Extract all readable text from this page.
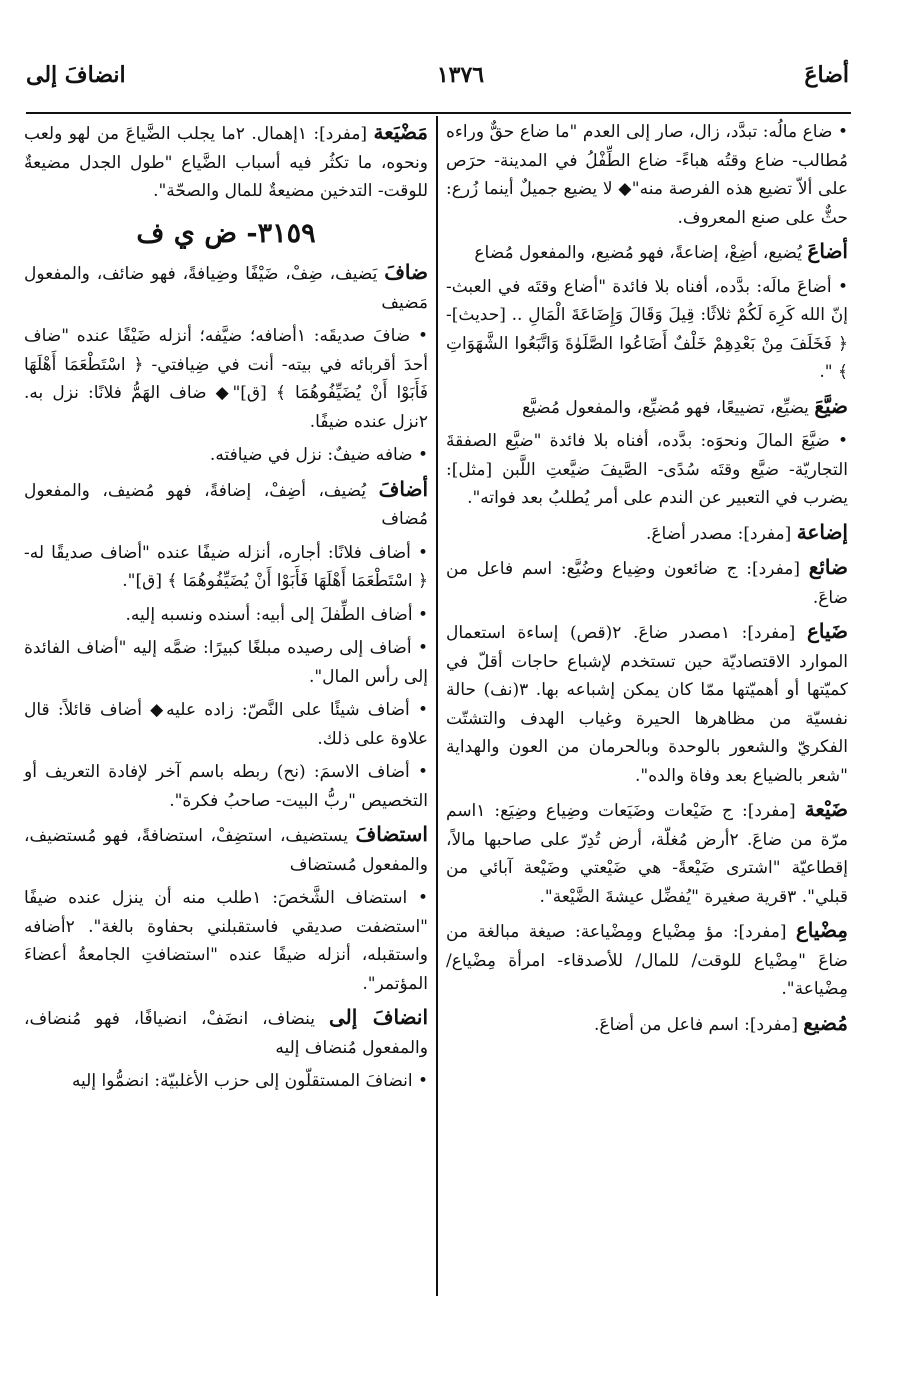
أضاعَ
١٣٧٦
انضافَ إلى
• ضاع مالُه: تبدَّد، زال، صار إلى العدم "ما ضاع حقٌّ وراءه مُطالب- ضاع وقتُه هباءً- ضاع الطِّفْلُ في المدينة- حرَص على ألاّ تضيع هذه الفرصة منه"◆ لا يضيع جميلٌ أينما زُرع: حثٌّ على صنع المعروف.
أضاعَ يُضيع، أضِعْ، إضاعةً، فهو مُضيع، والمفعول مُضاع
• أضاعَ مالَه: بدَّده، أفناه بلا فائدة "أضاع وقتَه في العبث- إنّ الله كَرِهَ لَكُمْ ثلاثًا: قِيلَ وَقَالَ وَإِضَاعَةَ الْمَالِ .. [حديث]- ﴿ فَخَلَفَ مِنْ بَعْدِهِمْ خَلْفٌ أَضَاعُوا الصَّلَوٰةَ وَاتَّبَعُوا الشَّهَوَاتِ ﴾ ".
ضيَّعَ يضيِّع، تضييعًا، فهو مُضيِّع، والمفعول مُضيَّع
• ضيَّعَ المالَ ونحوَه: بدَّده، أفناه بلا فائدة "ضيَّع الصفقةَ التجاريّة- ضيَّع وقتَه سُدًى- الصَّيفَ ضيَّعتِ اللَّبن [مثل]: يضرب في التعبير عن الندم على أمر يُطلبُ بعد فواته".
إضاعة [مفرد]: مصدر أضاعَ.
ضائع [مفرد]: ج ضائعون وضِياع وضُيَّع: اسم فاعل من ضاعَ.
ضَياع [مفرد]: ١مصدر ضاعَ. ٢(قص) إساءة استعمال الموارد الاقتصاديّة حين تستخدم لإشباع حاجات أقلّ في كميّتها أو أهميّتها ممّا كان يمكن إشباعه بها. ٣(نف) حالة نفسيّة من مظاهرها الحيرة وغياب الهدف والتشتّت الفكريّ والشعور بالوحدة وبالحرمان من العون والهداية "شعر بالضياع بعد وفاة والده".
ضَيْعة [مفرد]: ج ضَيْعات وضَيَعات وضِياع وضِيَع: ١اسم مرّة من ضاعَ. ٢أرض مُغلّة، أرض تُدِرّ على صاحبها مالاً، إقطاعيّة "اشترى ضَيْعةً- هي ضَيْعتي وضَيْعة آبائي من قبلي". ٣قرية صغيرة "يُفضِّل عيشةَ الضَّيْعة".
مِضْياع [مفرد]: مؤ مِضْياع ومِضْياعة: صيغة مبالغة من ضاعَ "مِضْياع للوقت/ للمال/ للأصدقاء- امرأة مِضْياع/ مِضْياعة".
مُضيع [مفرد]: اسم فاعل من أضاعَ.
مَضْيَعة [مفرد]: ١إهمال. ٢ما يجلب الضَّياعَ من لهو ولعب ونحوه، ما تكثُر فيه أسباب الضَّياع "طول الجدل مضيعةٌ للوقت- التدخين مضيعةٌ للمال والصحّة".
٣١٥٩- ض ي ف
ضافَ يَضيف، ضِفْ، ضَيْفًا وضِيافةً، فهو ضائف، والمفعول مَضيف
• ضافَ صديقَه: ١أضافه؛ ضيَّفه؛ أنزله ضَيْفًا عنده "ضاف أحدَ أقربائه في بيته- أنت في ضِيافتي- ﴿ اسْتَطْعَمَا أَهْلَهَا فَأَبَوْا أَنْ يُضَيِّفُوهُمَا ﴾ [ق]"◆ ضاف الهَمُّ فلانًا: نزل به. ٢نزل عنده ضيفًا.
• ضافه ضيفٌ: نزل في ضيافته.
أضافَ يُضيف، أضِفْ، إضافةً، فهو مُضيف، والمفعول مُضاف
• أضاف فلانًا: أجاره، أنزله ضيفًا عنده "أضاف صديقًا له- ﴿ اسْتَطْعَمَا أَهْلَهَا فَأَبَوْا أَنْ يُضَيِّفُوهُمَا ﴾ [ق]".
• أضاف الطِّفلَ إلى أبيه: أسنده ونسبه إليه.
• أضاف إلى رصيده مبلغًا كبيرًا: ضمَّه إليه "أضاف الفائدة إلى رأس المال".
• أضاف شيئًا على النَّصّ: زاده عليه◆ أضاف قائلاً: قال علاوة على ذلك.
• أضاف الاسمَ: (نح) ربطه باسم آخر لإفادة التعريف أو التخصيص "ربُّ البيت- صاحبُ فكرة".
استضافَ يستضيف، استضِفْ، استضافةً، فهو مُستضيف، والمفعول مُستضاف
• استضاف الشَّخصَ: ١طلب منه أن ينزل عنده ضيفًا "استضفت صديقي فاستقبلني بحفاوة بالغة". ٢أضافه واستقبله، أنزله ضيفًا عنده "استضافتِ الجامعةُ أعضاءَ المؤتمر".
انضافَ إلى ينضاف، انضَفْ، انضيافًا، فهو مُنضاف، والمفعول مُنضاف إليه
• انضافَ المستقلّون إلى حزب الأغلبيّة: انضمُّوا إليه
